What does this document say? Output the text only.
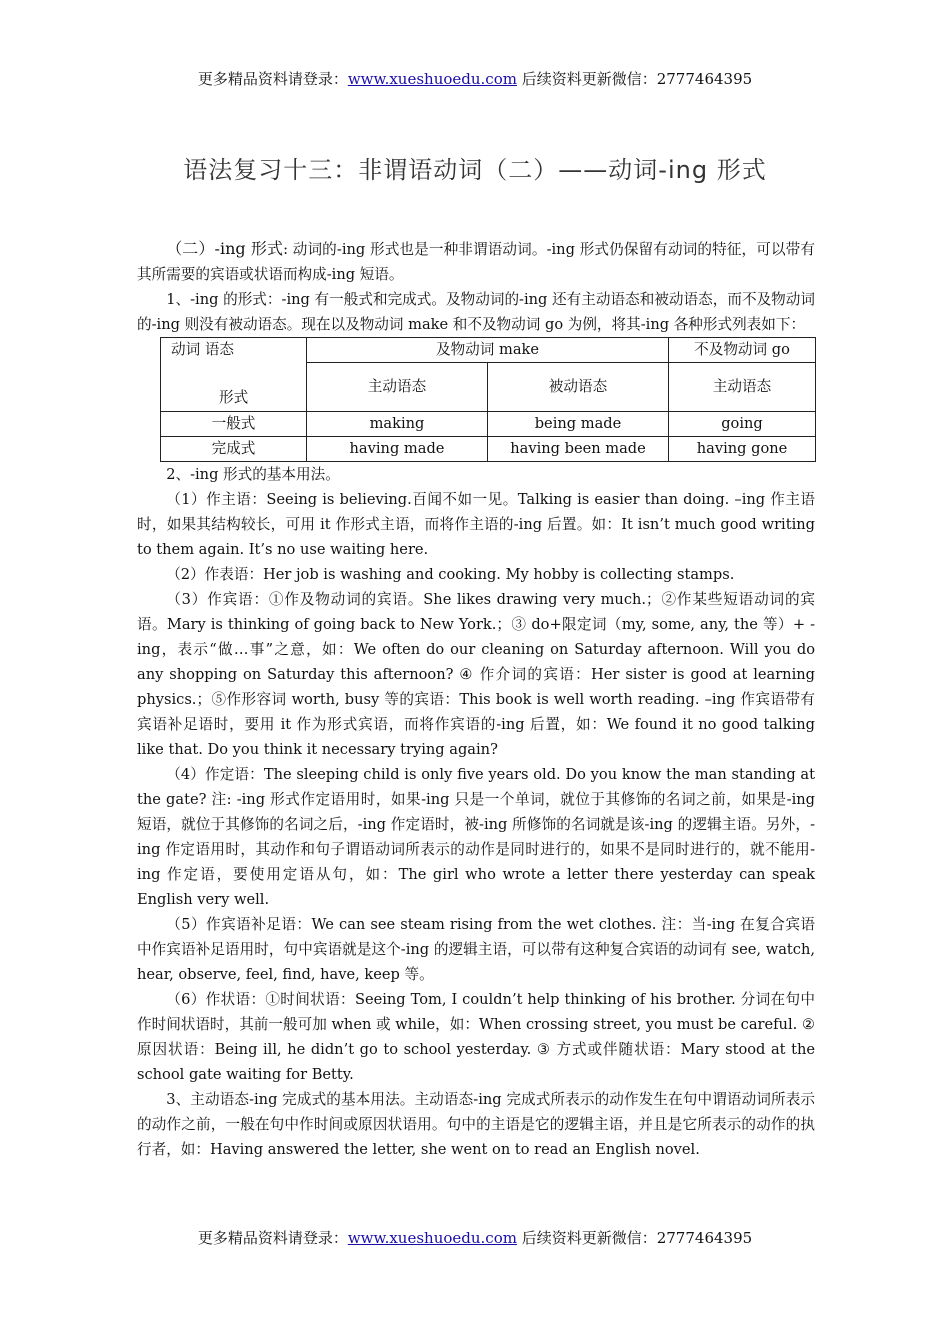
更多精品资料请登录：www.xueshuoedu.com 后续资料更新微信：2777464395
语法复习十三：非谓语动词（二）——动词-ing 形式

（二）-ing 形式: 动词的-ing 形式也是一种非谓语动词。-ing 形式仍保留有动词的特征，可以带有其所需要的宾语或状语而构成-ing 短语。

1、-ing 的形式：-ing 有一般式和完成式。及物动词的-ing 还有主动语态和被动语态，而不及物动词的-ing 则没有被动语态。现在以及物动词 make 和不及物动词 go 为例，将其-ing 各种形式列表如下：

动词 语态
形式	及物动词 make		不及物动词 go
	主动语态	被动语态	主动语态
一般式	making	being made	going
完成式	having made	having been made	having gone

2、-ing 形式的基本用法。

（1）作主语：Seeing is believing.百闻不如一见。Talking is easier than doing. –ing 作主语时，如果其结构较长，可用 it 作形式主语，而将作主语的-ing 后置。如：It isn’t much good writing to them again. It’s no use waiting here.

（2）作表语：Her job is washing and cooking. My hobby is collecting stamps.

（3）作宾语：①作及物动词的宾语。She likes drawing very much.；②作某些短语动词的宾语。Mary is thinking of going back to New York.；③ do+限定词（my, some, any, the 等）+ -ing，表示“做…事”之意，如：We often do our cleaning on Saturday afternoon. Will you do any shopping on Saturday this afternoon? ④ 作介词的宾语：Her sister is good at learning physics.；⑤作形容词 worth, busy 等的宾语：This book is well worth reading. –ing 作宾语带有宾语补足语时，要用 it 作为形式宾语，而将作宾语的-ing 后置，如：We found it no good talking like that. Do you think it necessary trying again?

（4）作定语：The sleeping child is only five years old. Do you know the man standing at the gate? 注: -ing 形式作定语用时，如果-ing 只是一个单词，就位于其修饰的名词之前，如果是-ing 短语，就位于其修饰的名词之后，-ing 作定语时，被-ing 所修饰的名词就是该-ing 的逻辑主语。另外，-ing 作定语用时，其动作和句子谓语动词所表示的动作是同时进行的，如果不是同时进行的，就不能用-ing 作定语，要使用定语从句，如：The girl who wrote a letter there yesterday can speak English very well.

（5）作宾语补足语：We can see steam rising from the wet clothes. 注：当-ing 在复合宾语中作宾语补足语用时，句中宾语就是这个-ing 的逻辑主语，可以带有这种复合宾语的动词有 see, watch, hear, observe, feel, find, have, keep 等。

（6）作状语：①时间状语：Seeing Tom, I couldn’t help thinking of his brother. 分词在句中作时间状语时，其前一般可加 when 或 while，如：When crossing street, you must be careful. ② 原因状语：Being ill, he didn’t go to school yesterday. ③ 方式或伴随状语：Mary stood at the school gate waiting for Betty.

3、主动语态-ing 完成式的基本用法。主动语态-ing 完成式所表示的动作发生在句中谓语动词所表示的动作之前，一般在句中作时间或原因状语用。句中的主语是它的逻辑主语，并且是它所表示的动作的执行者，如：Having answered the letter, she went on to read an English novel.

更多精品资料请登录：www.xueshuoedu.com 后续资料更新微信：2777464395
